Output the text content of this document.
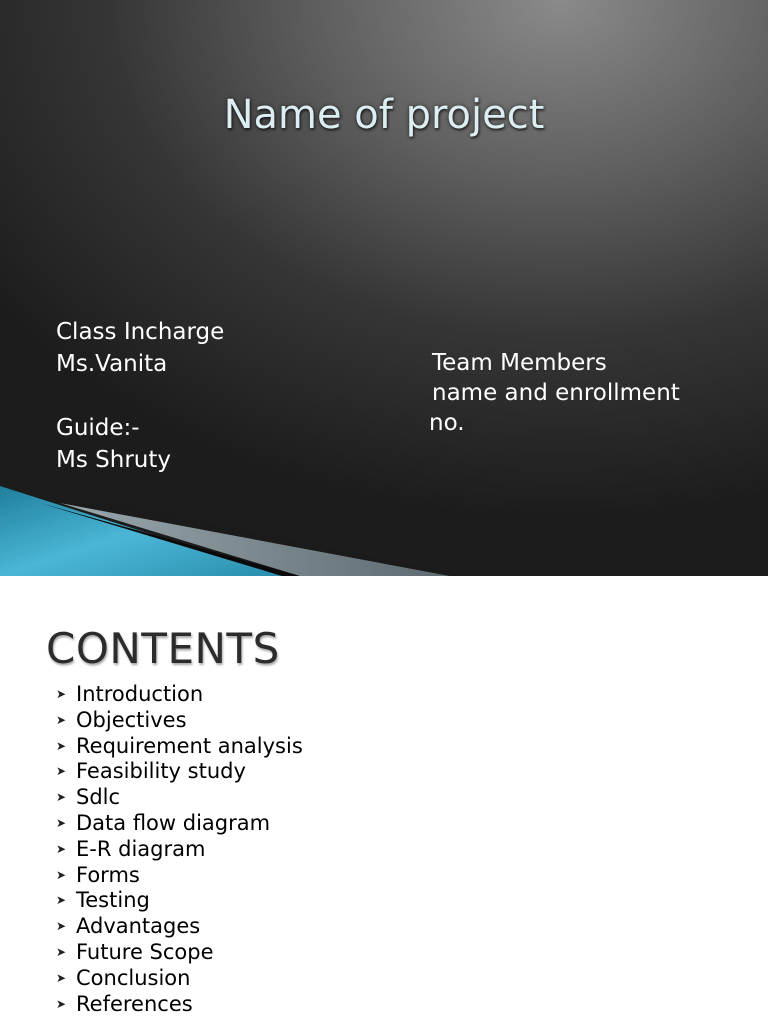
Name of project
Class Incharge
Ms.Vanita
Guide:-
Ms Shruty
Team Members
name and enrollment
no.
CONTENTS
➤ Introduction
➤ Objectives
➤ Requirement analysis
➤ Feasibility study
➤ Sdlc
➤ Data flow diagram
➤ E-R diagram
➤ Forms
➤ Testing
➤ Advantages
➤ Future Scope
➤ Conclusion
➤ References
